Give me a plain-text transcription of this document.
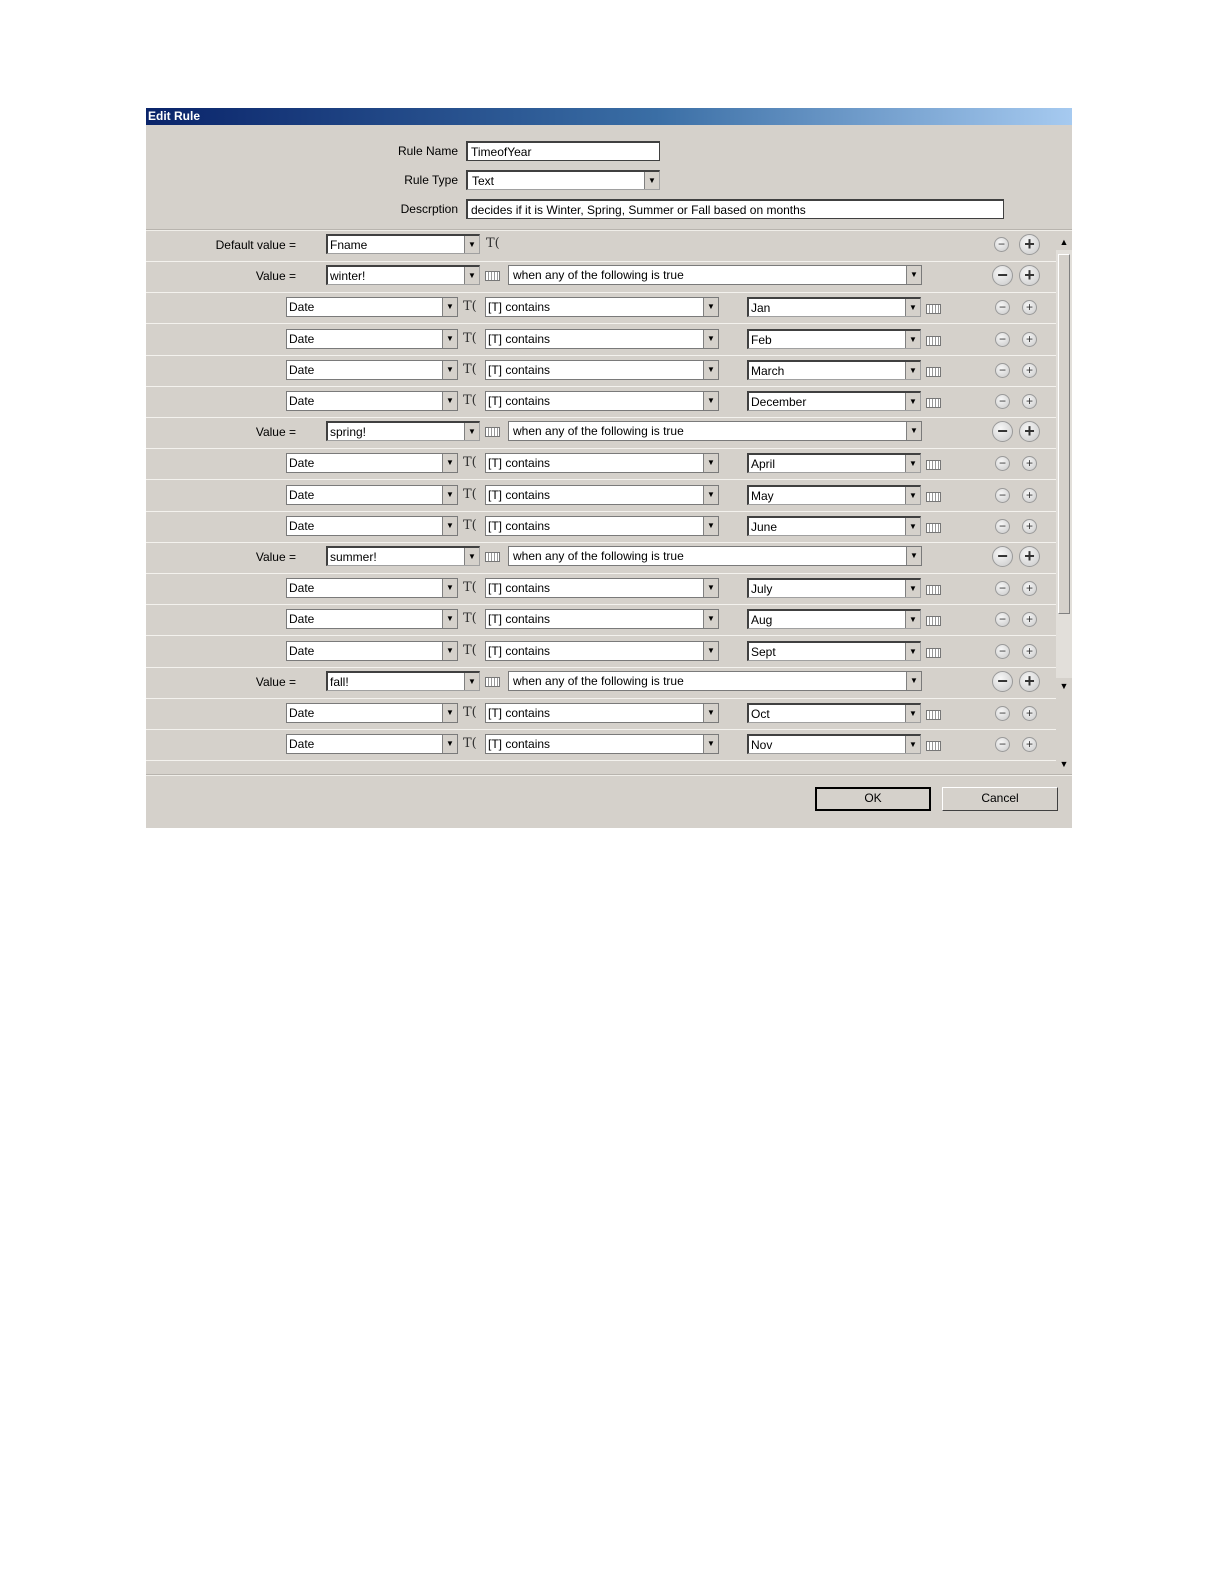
Edit Rule
Rule Name	TimeofYear
Rule Type Text	▼
Descrption	decides if it is Winter, Spring, Summer or Fall based on months
Default value =	Fname	▼ T(	− +
Value =	winter!	▼	when any of the following is true	▼	− +
Date	▼ T( [T] contains	▼	Jan	▼	−	+
Date	▼ T( [T] contains	▼	Feb	▼	−	+
Date	▼ T( [T] contains	▼	March	▼	−	+
Date	▼ T( [T] contains	▼	December	▼	−	+
Value =	spring!	▼	when any of the following is true	▼	− +
Date	▼ T( [T] contains	▼	April	▼	−	+
Date	▼ T( [T] contains	▼	May	▼	−	+
Date	▼ T( [T] contains	▼	June	▼	−	+
Value =	summer!	▼	when any of the following is true	▼	− +
Date	▼ T( [T] contains	▼	July	▼	−	+
Date	▼ T( [T] contains	▼	Aug	▼	−	+
Date	▼ T( [T] contains	▼	Sept	▼	−	+
Value =	fall!	▼	when any of the following is true	▼	− +
Date	▼ T( [T] contains	▼	Oct	▼	−	+
Date	▼ T( [T] contains	▼	Nov	▼	−	+
▲
▼
▼
OK	Cancel
